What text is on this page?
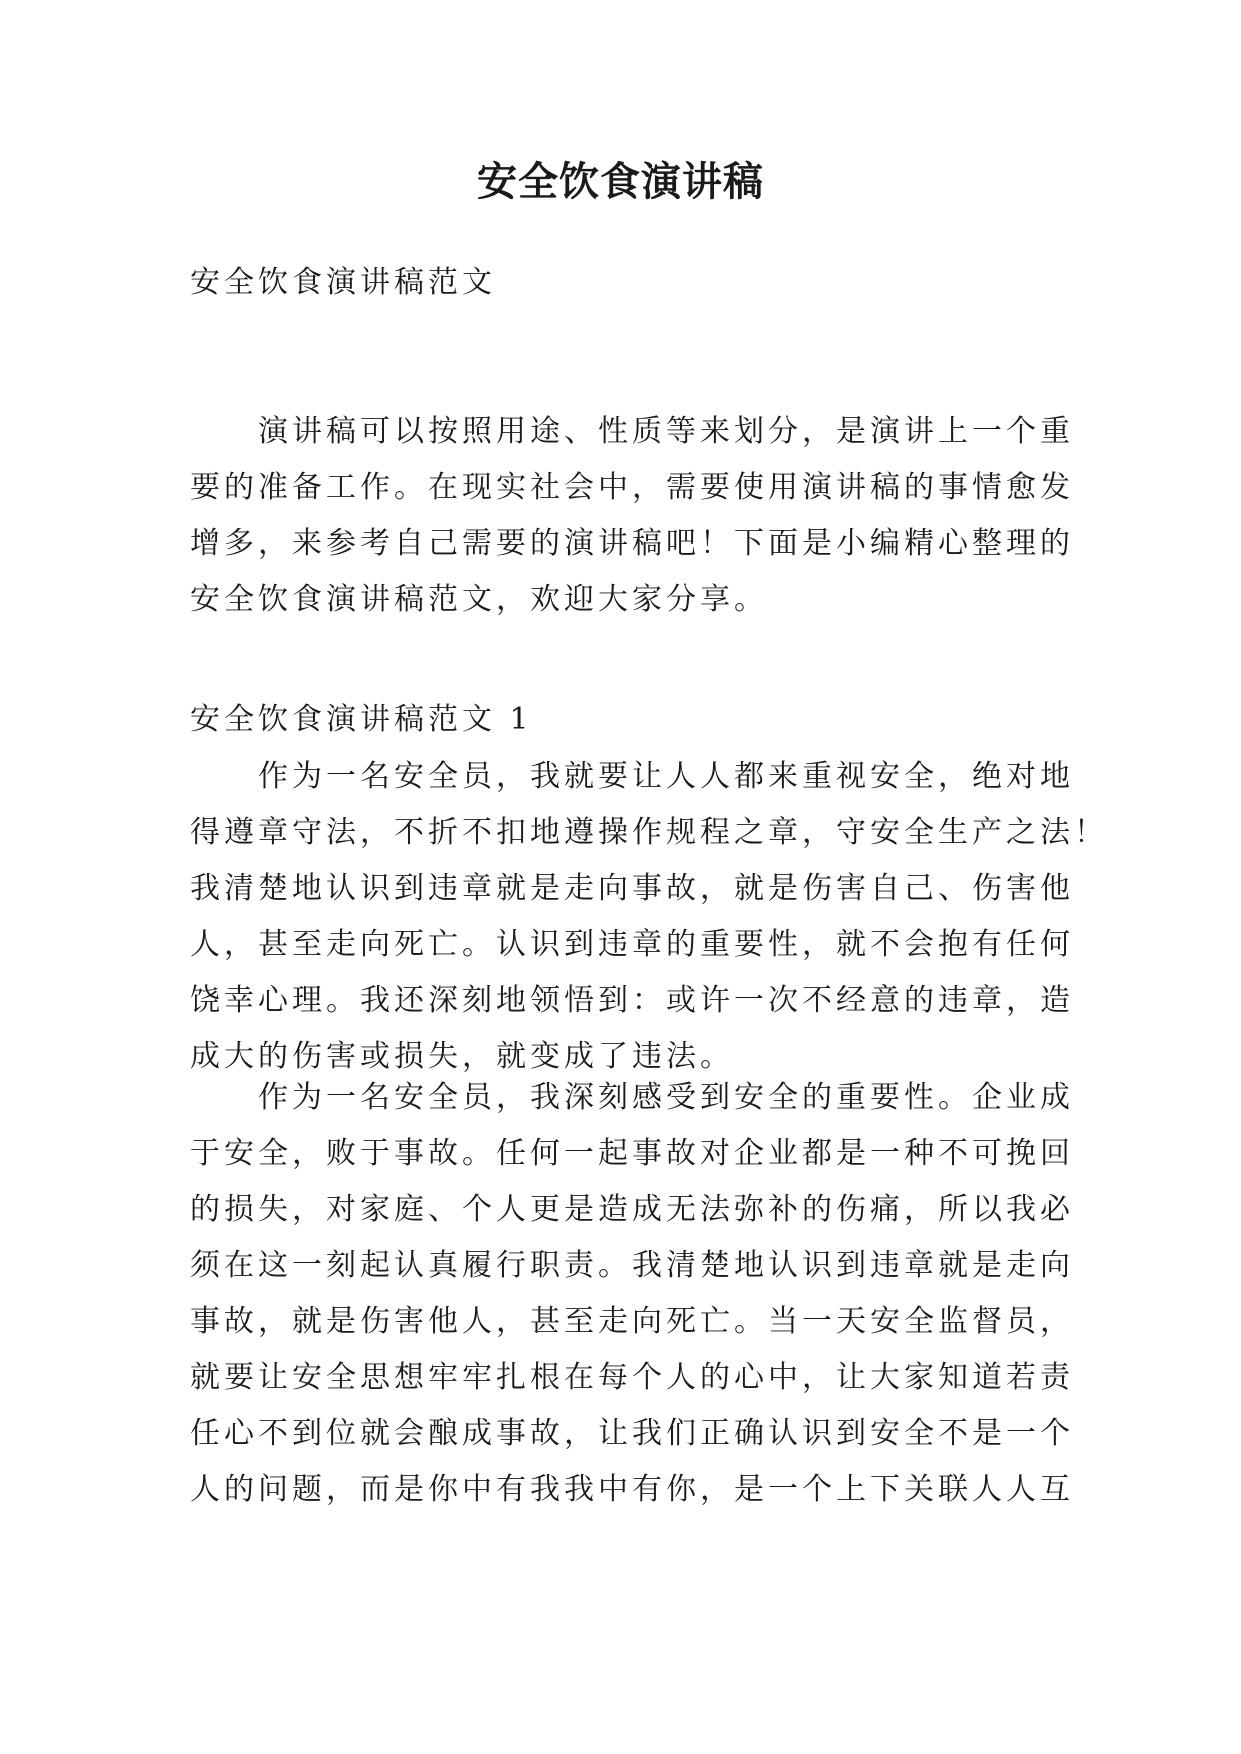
安全饮食演讲稿
安全饮食演讲稿范文
演讲稿可以按照用途、性质等来划分，是演讲上一个重
要的准备工作。在现实社会中，需要使用演讲稿的事情愈发
增多，来参考自己需要的演讲稿吧！下面是小编精心整理的
安全饮食演讲稿范文，欢迎大家分享。
安全饮食演讲稿范文 1
作为一名安全员，我就要让人人都来重视安全，绝对地
得遵章守法，不折不扣地遵操作规程之章，守安全生产之法！
我清楚地认识到违章就是走向事故，就是伤害自己、伤害他
人，甚至走向死亡。认识到违章的重要性，就不会抱有任何
饶幸心理。我还深刻地领悟到：或许一次不经意的违章，造
成大的伤害或损失，就变成了违法。
作为一名安全员，我深刻感受到安全的重要性。企业成
于安全，败于事故。任何一起事故对企业都是一种不可挽回
的损失，对家庭、个人更是造成无法弥补的伤痛，所以我必
须在这一刻起认真履行职责。我清楚地认识到违章就是走向
事故，就是伤害他人，甚至走向死亡。当一天安全监督员，
就要让安全思想牢牢扎根在每个人的心中，让大家知道若责
任心不到位就会酿成事故，让我们正确认识到安全不是一个
人的问题，而是你中有我我中有你，是一个上下关联人人互
